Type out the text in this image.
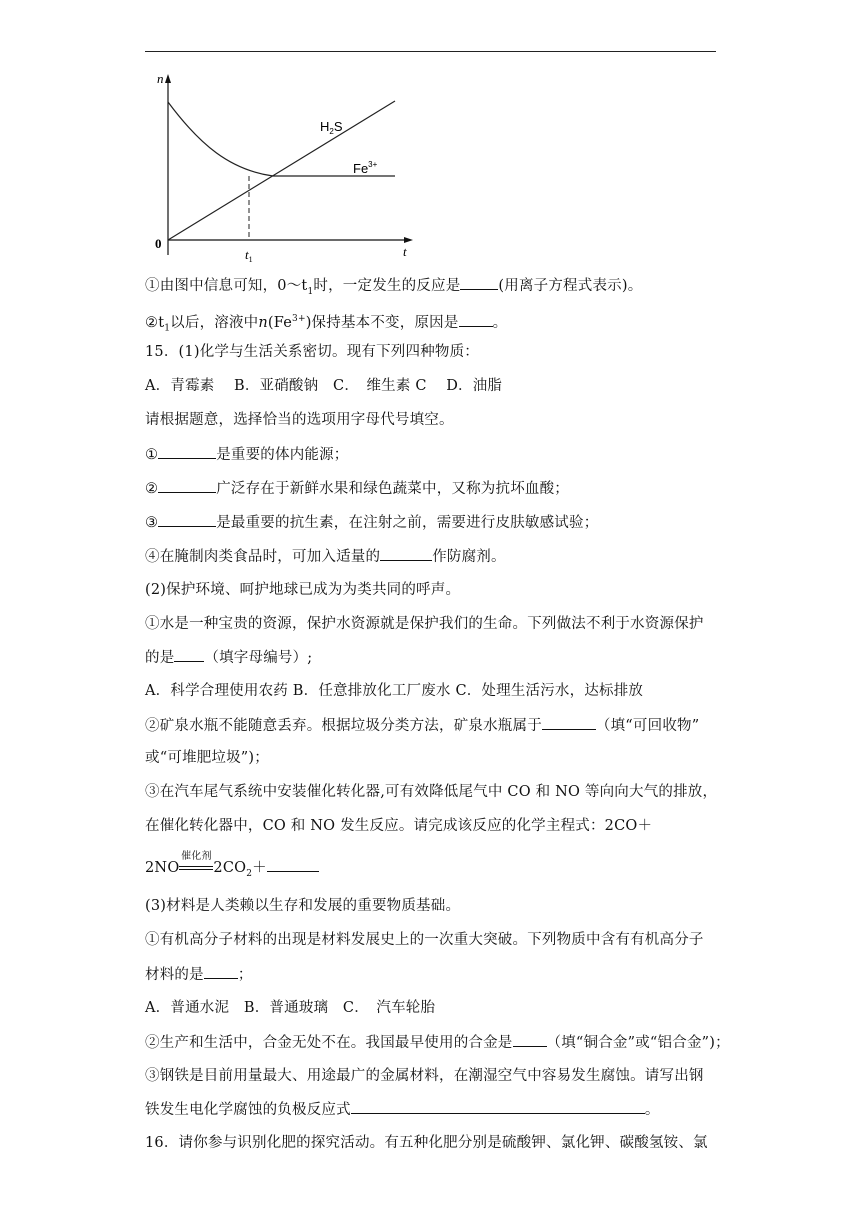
n
t
0
$t_1$
$H_2S$
$Fe^{3+}$
①由图中信息可知，$0\sim t_1$时，一定发生的反应是	(用离子方程式表示)。
$②t_1$以后，溶液中$n(Fe^{3+})$保持基本不变，原因是 。
15．(1)化学与生活关系密切。现有下列四种物质：
A．青霉素　 B．亚硝酸钠　C．　维生素 C　 D．油脂
请根据题意，选择恰当的选项用字母代号填空。
①	是重要的体内能源；
②	广泛存在于新鲜水果和绿色蔬菜中，又称为抗坏血酸；
③	是最重要的抗生素，在注射之前，需要进行皮肤敏感试验；
④在腌制肉类食品时，可加入适量的	作防腐剂。
(2)保护环境、呵护地球已成为为类共同的呼声。
①水是一种宝贵的资源，保护水资源就是保护我们的生命。下列做法不利于水资源保护
的是 （填字母编号）;
A．科学合理使用农药 B．任意排放化工厂废水 C．处理生活污水，达标排放
②矿泉水瓶不能随意丢弃。根据垃圾分类方法，矿泉水瓶属于	（填“可回收物”
或“可堆肥垃圾”)；
③在汽车尾气系统中安装催化转化器,可有效降低尾气中 CO 和 NO 等向向大气的排放，
在催化转化器中，CO 和 NO 发生反应。请完成该反应的化学主程式：2CO＋
2NO
催化剂
$2CO_2+$
(3)材料是人类赖以生存和发展的重要物质基础。
①有机高分子材料的出现是材料发展史上的一次重大突破。下列物质中含有有机高分子
材料的是 ；
A．普通水泥　B．普通玻璃　C．　汽车轮胎
②生产和生活中，合金无处不在。我国最早使用的合金是 （填“铜合金”或“铝合金”)；
③钢铁是目前用量最大、用途最广的金属材料，在潮湿空气中容易发生腐蚀。请写出钢
铁发生电化学腐蚀的负极反应式	。
16．请你参与识别化肥的探究活动。有五种化肥分别是硫酸钾、氯化钾、碳酸氢铵、氯
